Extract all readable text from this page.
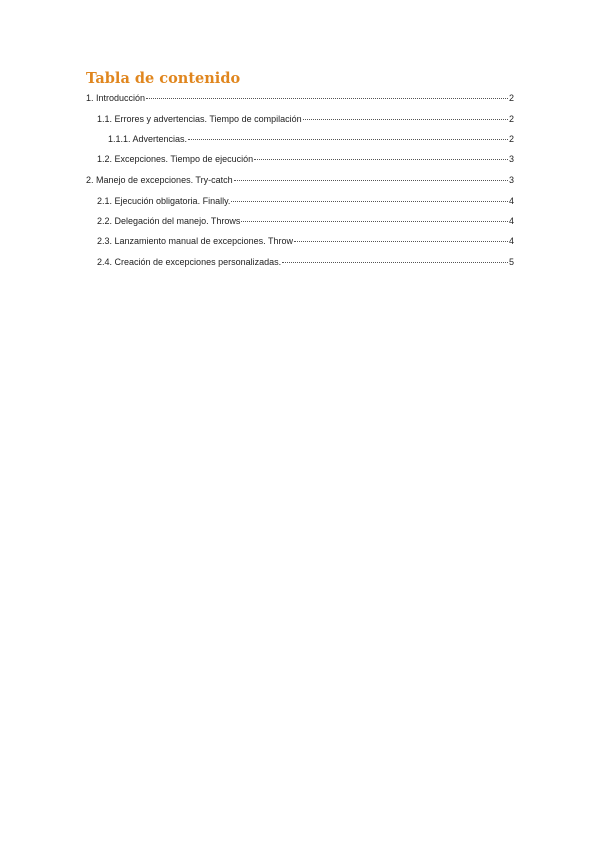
Tabla de contenido
1. Introducción	2
1.1. Errores y advertencias. Tiempo de compilación	2
1.1.1. Advertencias.	2
1.2. Excepciones. Tiempo de ejecución	3
2. Manejo de excepciones. Try-catch	3
2.1. Ejecución obligatoria. Finally.	4
2.2. Delegación del manejo. Throws	4
2.3. Lanzamiento manual de excepciones. Throw	4
2.4. Creación de excepciones personalizadas.	5
